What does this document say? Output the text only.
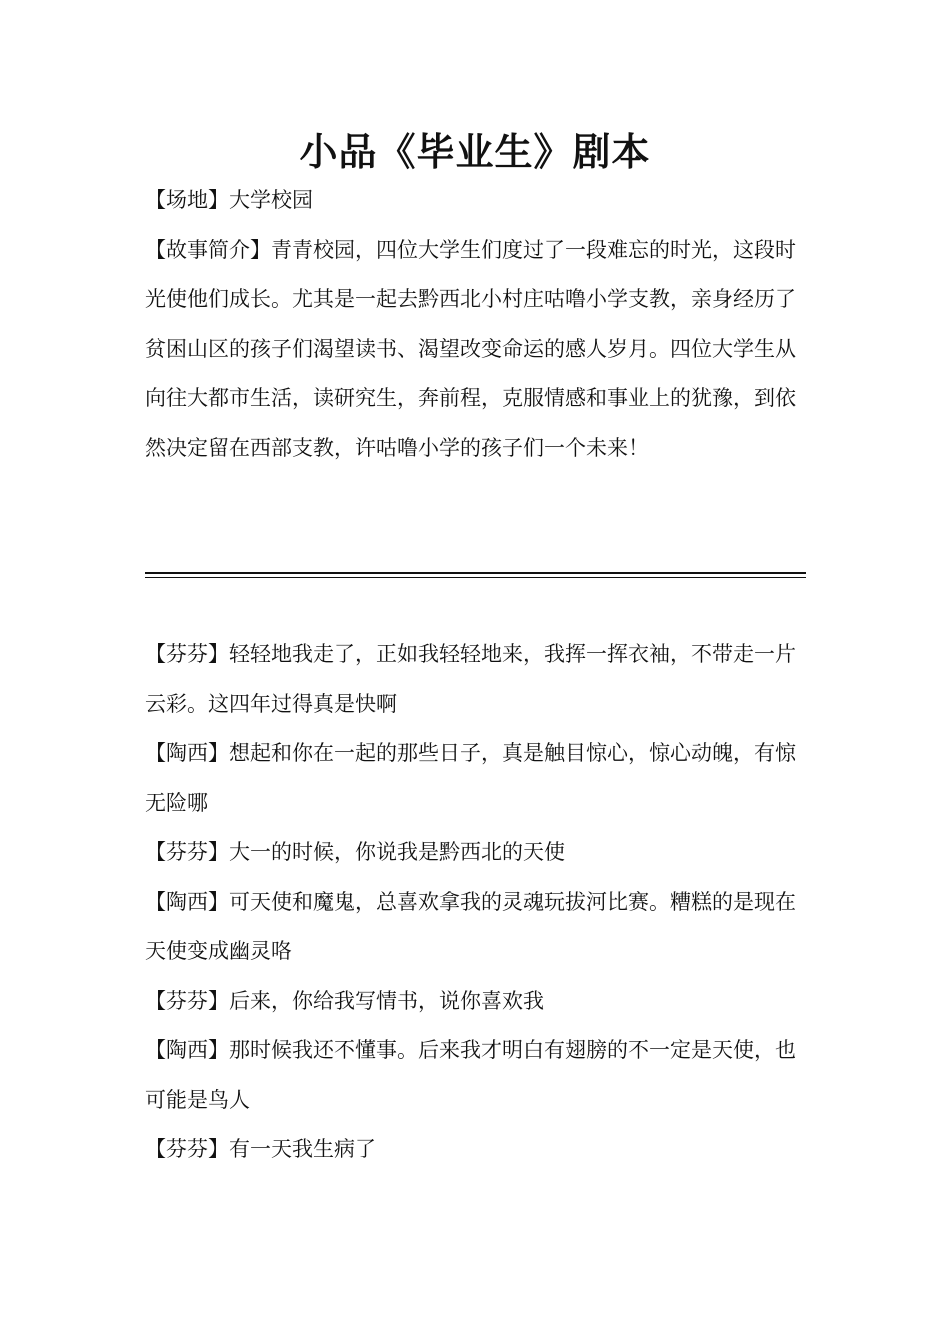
小品《毕业生》剧本

【场地】大学校园

【故事简介】青青校园，四位大学生们度过了一段难忘的时光，这段时光使他们成长。尤其是一起去黔西北小村庄咕噜小学支教，亲身经历了贫困山区的孩子们渴望读书、渴望改变命运的感人岁月。四位大学生从向往大都市生活，读研究生，奔前程，克服情感和事业上的犹豫，到依然决定留在西部支教，许咕噜小学的孩子们一个未来！

【芬芬】轻轻地我走了，正如我轻轻地来，我挥一挥衣袖，不带走一片云彩。这四年过得真是快啊

【陶西】想起和你在一起的那些日子，真是触目惊心，惊心动魄，有惊无险哪

【芬芬】大一的时候，你说我是黔西北的天使

【陶西】可天使和魔鬼，总喜欢拿我的灵魂玩拔河比赛。糟糕的是现在天使变成幽灵咯

【芬芬】后来，你给我写情书，说你喜欢我

【陶西】那时候我还不懂事。后来我才明白有翅膀的不一定是天使，也可能是鸟人

【芬芬】有一天我生病了
